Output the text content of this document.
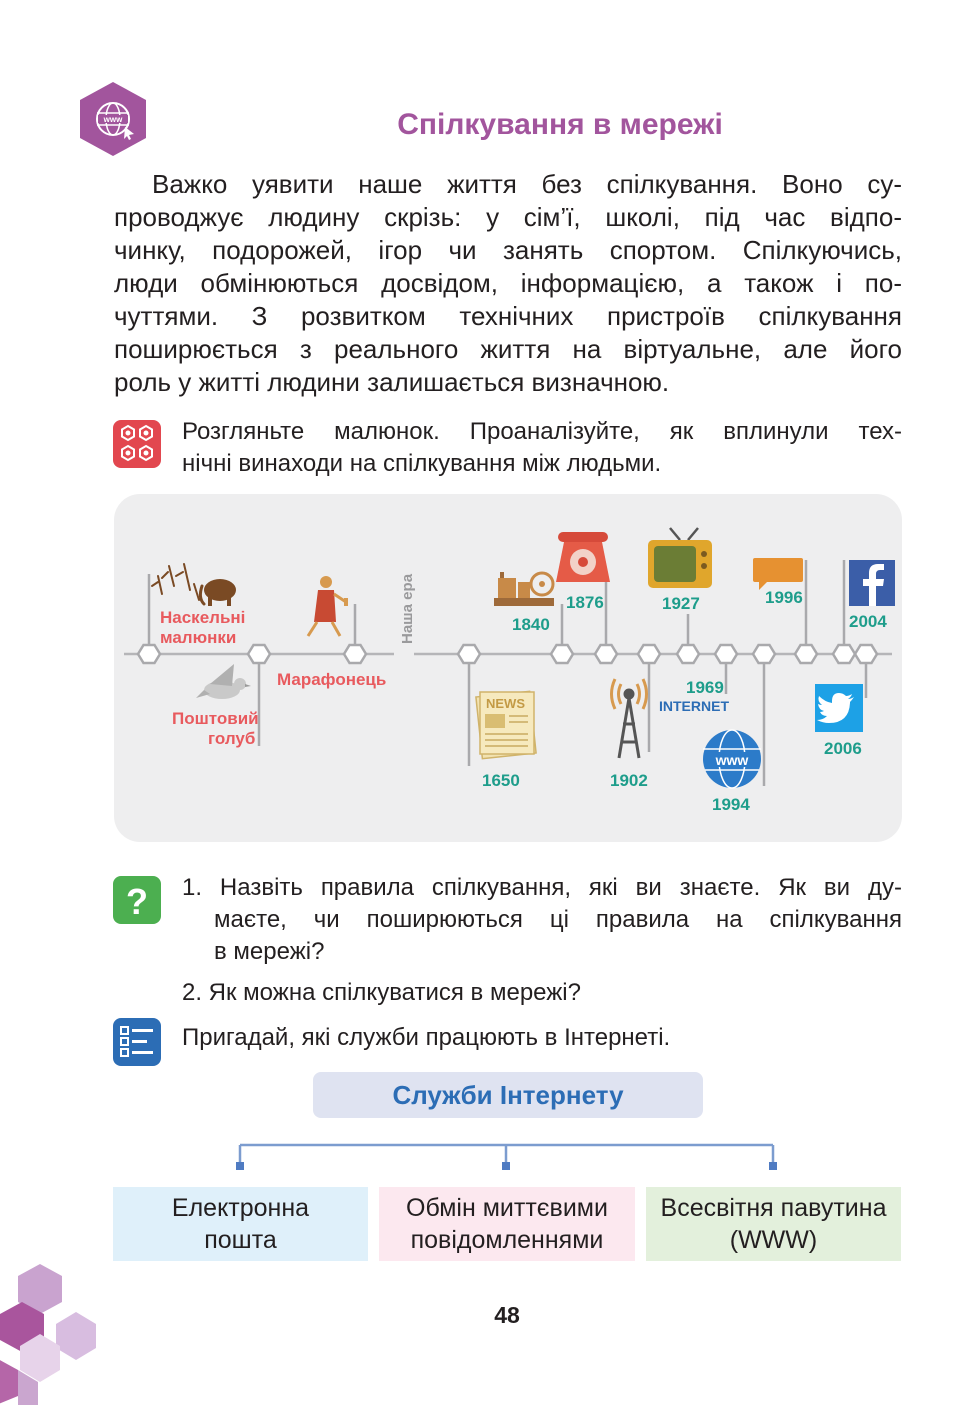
www	Спілкування в мережі
Важко уявити наше життя без спілкування. Воно су-
проводжує людину скрізь: у сім’ї, школі, під час відпо-
чинку, подорожей, ігор чи занять спортом. Спілкуючись,
люди обмінюються досвідом, інформацією, а також і по-
чуттями. З розвитком технічних пристроїв спілкування
поширюється з реального життя на віртуальне, але його
роль у житті людини залишається визначною.
Розгляньте малюнок. Проаналізуйте, як вплинули тех-
нічні винаходи на спілкування між людьми.
Наша ера
Наскельні
малюнки
Поштовий
голуб
Марафонець
NEWS
1650
1840
1876
1902
1927
1969
INTERNET
www
1994
1996
2004
2006
? 1. Назвіть правила спілкування, які ви знаєте. Як ви ду-
маєте, чи поширюються ці правила на спілкування
в мережі?
2. Як можна спілкуватися в мережі?
Пригадай, які служби працюють в Інтернеті.
Служби Інтернету
Електронна
пошта
Обмін миттєвими
повідомленнями
Всесвітня павутина
(WWW)
48
